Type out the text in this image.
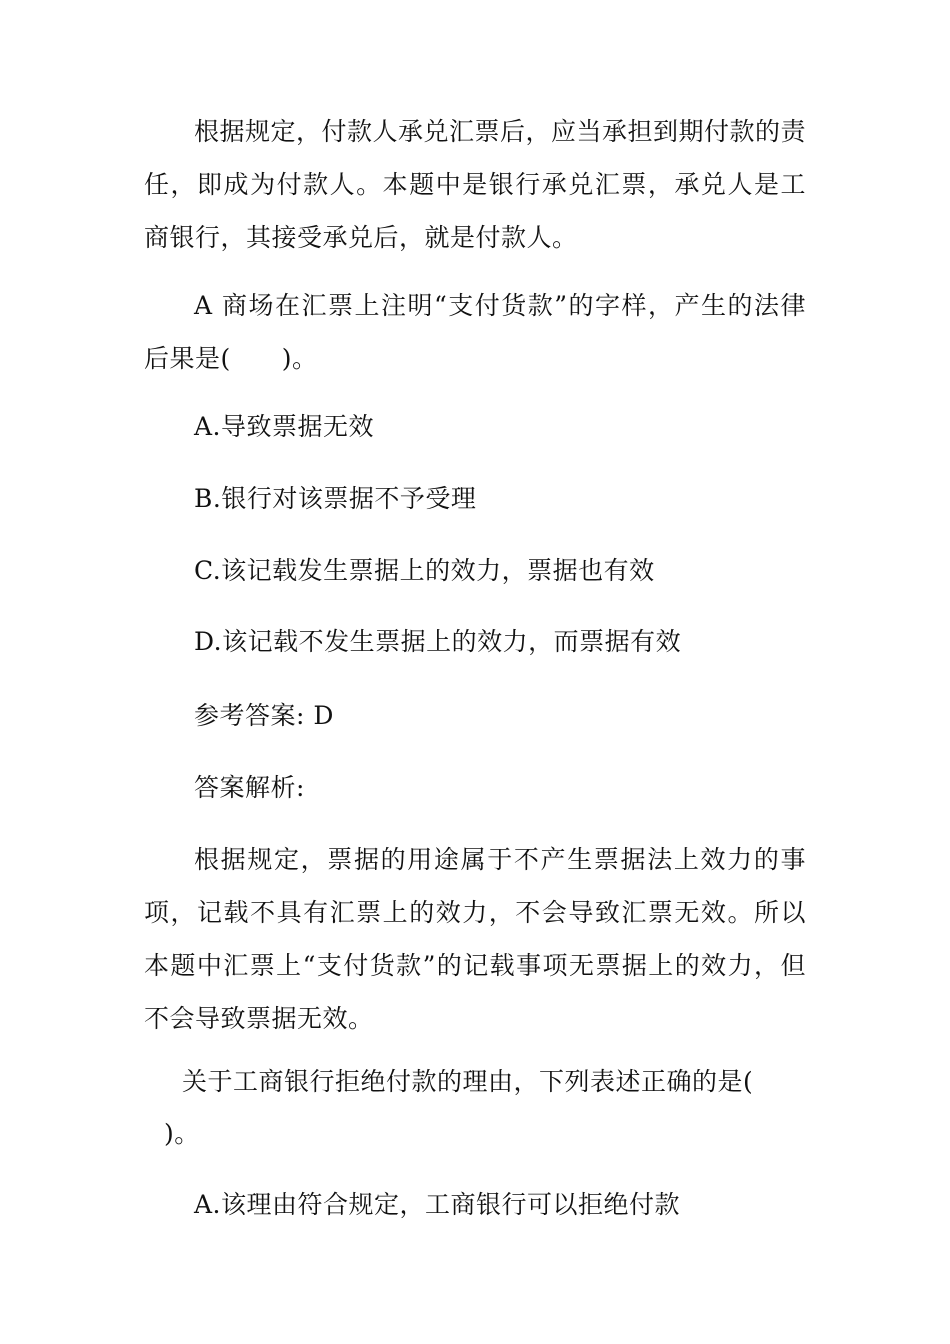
根据规定，付款人承兑汇票后，应当承担到期付款的责任，即成为付款人。本题中是银行承兑汇票，承兑人是工商银行，其接受承兑后，就是付款人。

A 商场在汇票上注明“支付货款”的字样，产生的法律后果是(　　)。

A.导致票据无效

B.银行对该票据不予受理

C.该记载发生票据上的效力，票据也有效

D.该记载不发生票据上的效力，而票据有效

参考答案: D

答案解析:

根据规定，票据的用途属于不产生票据法上效力的事项，记载不具有汇票上的效力，不会导致汇票无效。所以本题中汇票上“支付货款”的记载事项无票据上的效力，但不会导致票据无效。

关于工商银行拒绝付款的理由，下列表述正确的是(

)。

A.该理由符合规定，工商银行可以拒绝付款
